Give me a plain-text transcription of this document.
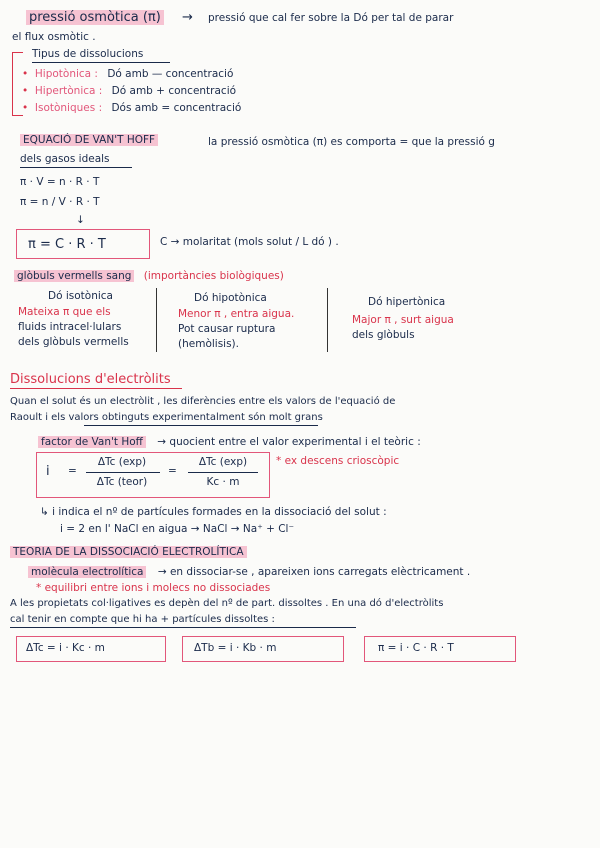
pressió osmòtica (π) →	pressió que cal fer sobre la Dó per tal de parar
el flux osmòtic .
Tipus de dissolucions
•  Hipotònica : Dó amb — concentració
•  Hipertònica : Dó amb + concentració
•  Isotòniques : Dós amb = concentració
EQUACIÓ DE VAN'T HOFF	la pressió osmòtica (π) es comporta = que la pressió g
dels gasos ideals
π · V = n · R · T
π = n / V · R · T
↓
π = C · R · T	C → molaritat (mols solut / L dó ) .
glòbuls vermells sang (importàncies biològiques)
Dó isotònica
Mateixa π que els
fluids intracel·lulars
dels glòbuls vermells
Dó hipotònica
Menor π , entra aigua.
Pot causar ruptura
(hemòlisis).
Dó hipertònica
Major π , surt aigua
dels glòbuls
Dissolucions d'electròlits
Quan el solut és un electròlit , les diferències entre els valors de l'equació de
Raoult i els valors obtinguts experimentalment són molt grans
factor de Van't Hoff → quocient entre el valor experimental i el teòric :
i =
ΔTc (exp)
ΔTc (teor)
=
ΔTc (exp)
Kc · m
* ex descens crioscòpic
↳ i indica el nº de partícules formades en la dissociació del solut :
i = 2 en l' NaCl en aigua → NaCl → Na⁺ + Cl⁻
TEORIA DE LA DISSOCIACIÓ ELECTROLÍTICA
molècula electrolítica → en dissociar-se , apareixen ions carregats elèctricament .
* equilibri entre ions i molecs no dissociades
A les propietats col·ligatives es depèn del nº de part. dissoltes . En una dó d'electròlits
cal tenir en compte que hi ha + partícules dissoltes :
ΔTc = i · Kc · m	ΔTb = i · Kb · m	π = i · C · R · T
